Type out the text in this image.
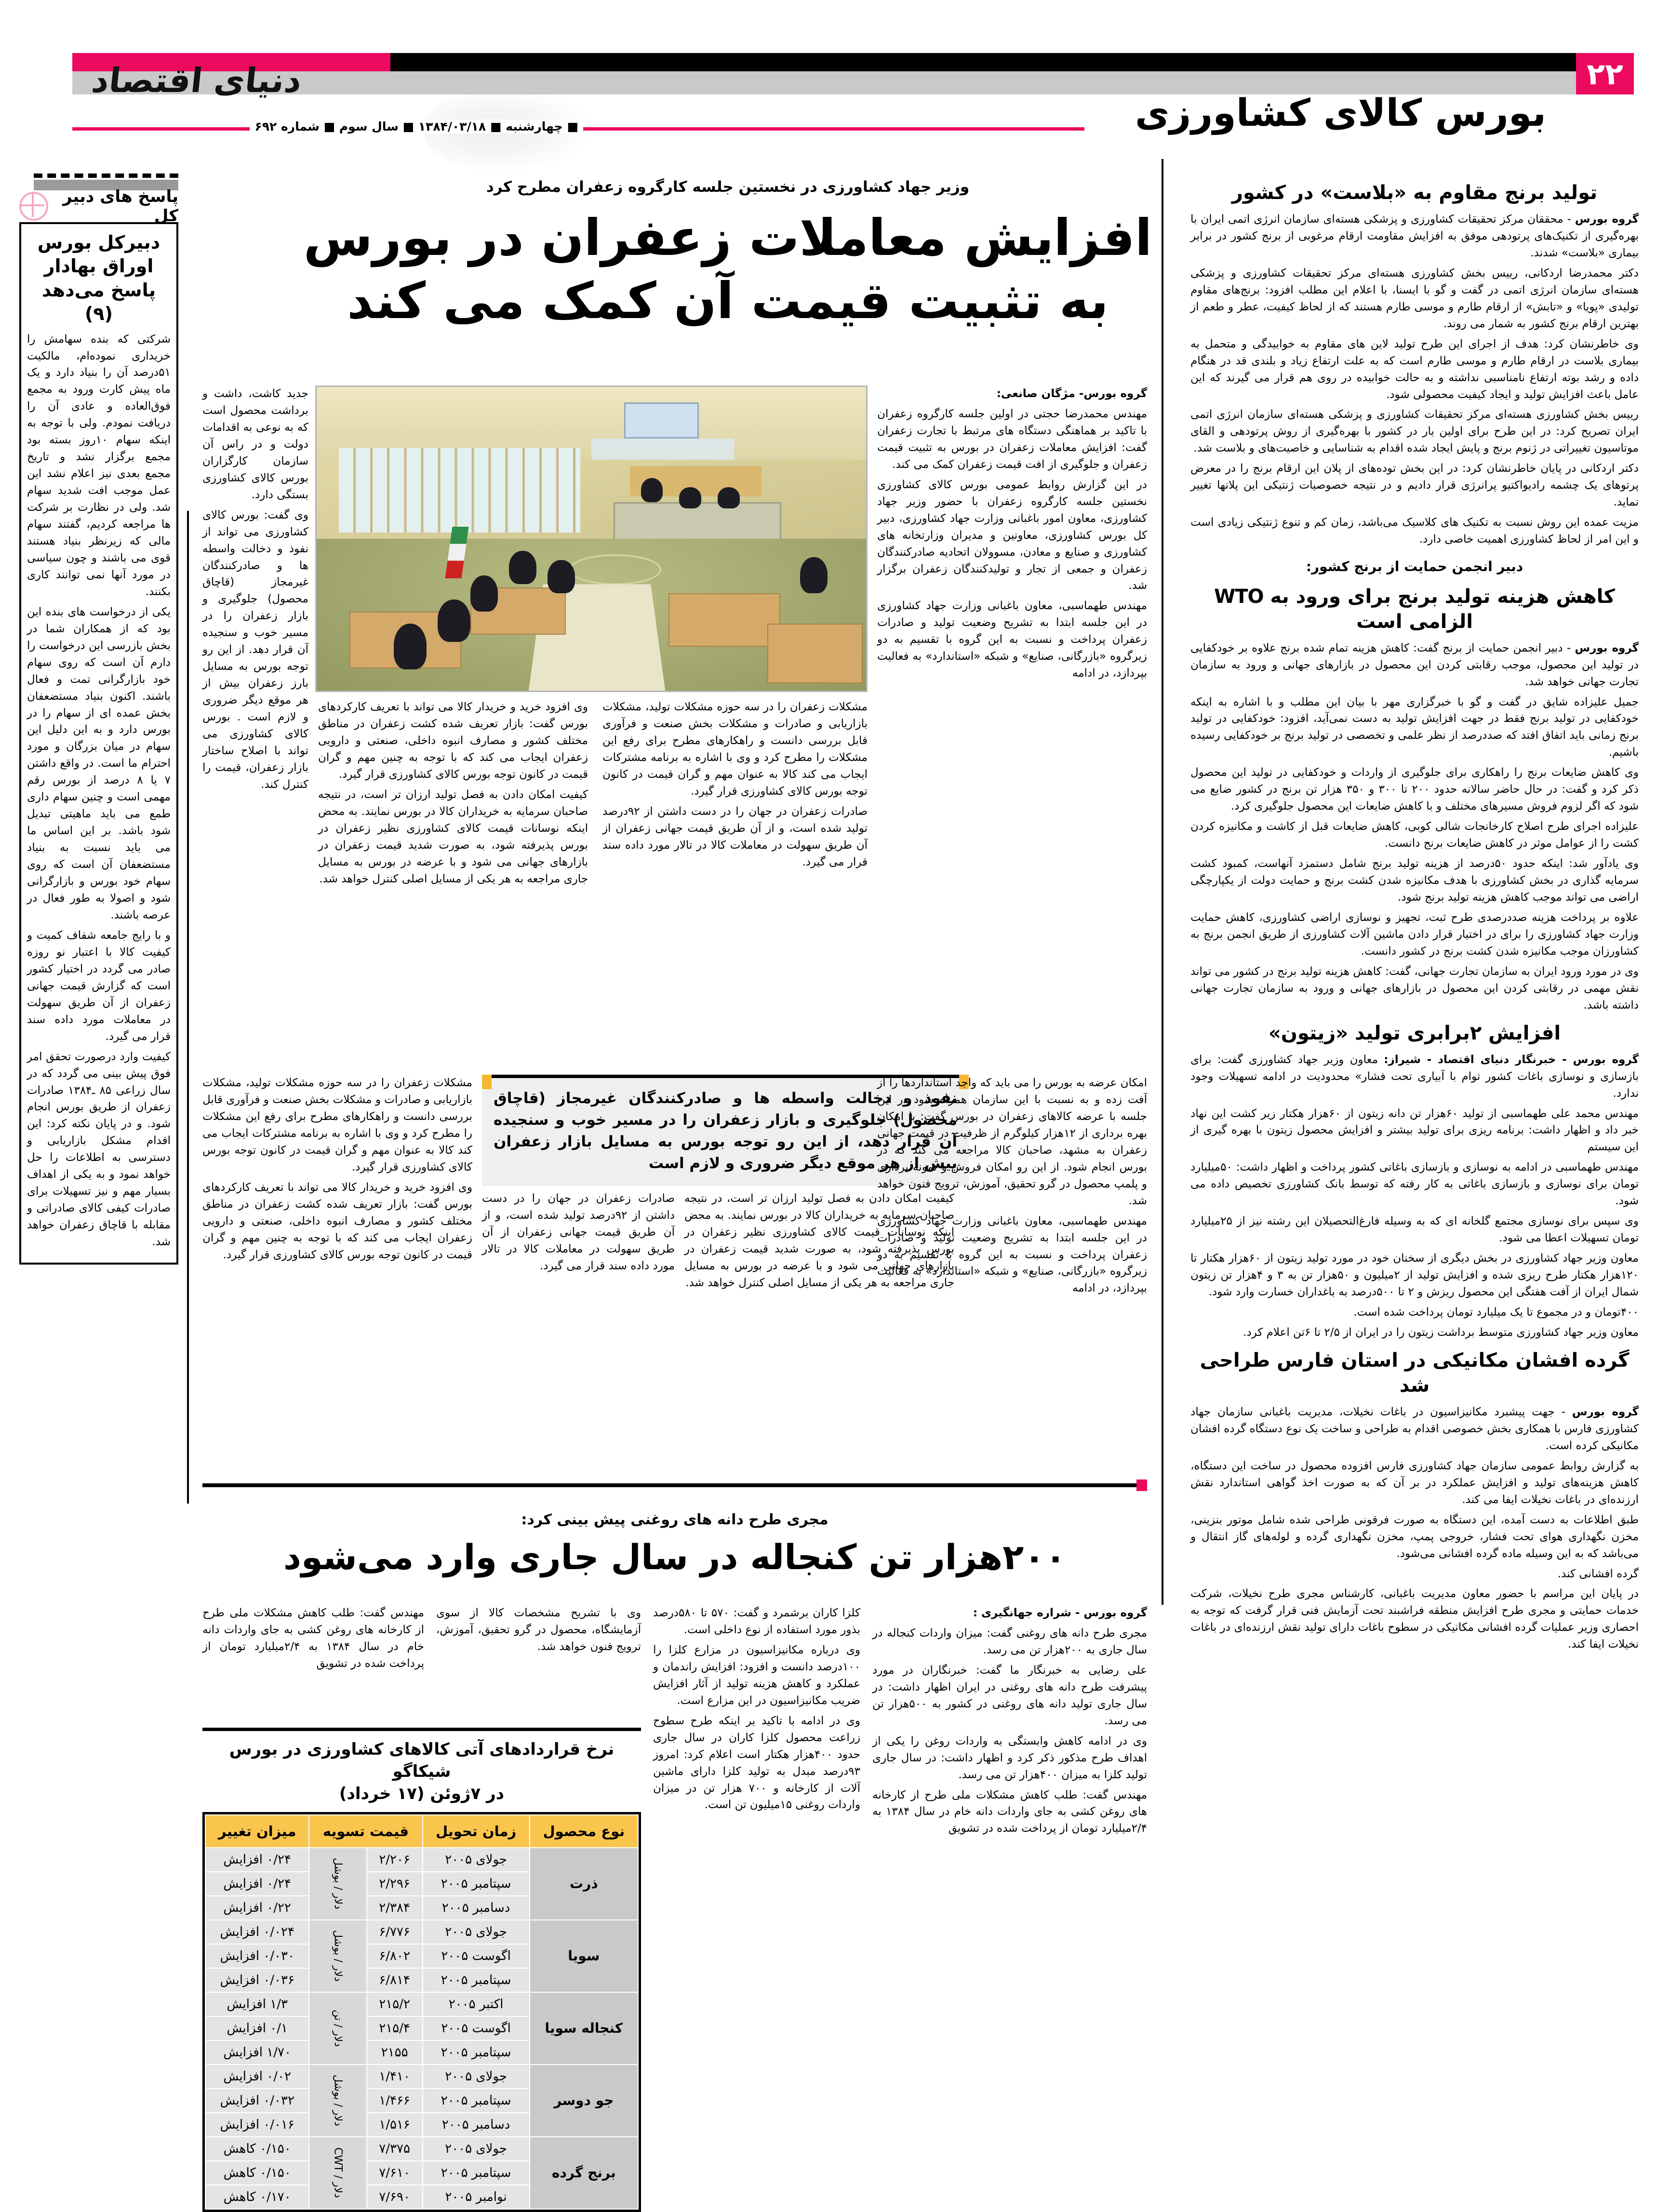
دنیای اقتصاد	۲۲
بورس کالای کشاورزی
■ چهارشنبه ■ ۱۳۸۴/۰۳/۱۸ ■ سال سوم ■ شماره ۶۹۲
پاسخ های دبیر کل
دبیرکل بورس اوراق بهادار پاسخ می‌دهد (۹)

شرکتی که بنده سهامش را خریداری نموده‌ام، مالکیت ۵۱درصد آن را بنیاد دارد و یک ماه پیش کارت ورود به مجمع فوق‌العاده و عادی آن را دریافت نمودم. ولی با توجه به اینکه سهام ۱۰روز بسته بود مجمع برگزار نشد و تاریخ مجمع بعدی نیز اعلام نشد این عمل موجب افت شدید سهام شد. ولی در نظارت بر شرکت ها مراجعه کردیم، گفتند سهام مالی که زیرنظر بنیاد هستند قوی می باشند و چون سیاسی در مورد آنها نمی توانند کاری بکنند.

یکی از درخواست های بنده این بود که از همکاران شما در بخش بازرسی این درخواست را دارم آن است که روی سهام خود بازارگرانی تمت و فعال باشند. اکنون بنیاد مستضعفان بخش عمده ای از سهام را در بورس دارد و به این دلیل این سهام در میان بزرگان و مورد احترام ما است. در واقع داشتن ۷ یا ۸ درصد از بورس رقم مهمی است و چنین سهام داری طمع می باید ماهیتی تبدیل شود باشد. بر این اساس ما می باید نسبت به بنیاد مستضعفان آن است که روی سهام خود بورس و بازارگرانی شود و اصولا به طور فعال در عرصه باشند.

و با رایج جامعه شفاف کمیت و کیفیت کالا با اعتبار نو روزه صادر می گردد در اختیار کشور است که گزارش قیمت جهانی زعفران از آن طریق سهولت در معاملات مورد داده سند قرار می گیرد.

کیفیت وارد درصورت تحقق امر فوق پیش بینی می گردد که در سال زراعی ۸۵ ـ۱۳۸۴ صادرات زعفران از طریق بورس انجام شود. و در پایان نکته کرد: این اقدام مشکل بازاریابی و دسترسی به اطلاعات را حل خواهد نمود و به یکی از اهداف بسیار مهم و نیز تسهیلات برای صادرات کیفی کالای صادراتی و مقابله با قاچاق زعفران خواهد شد.

وزیر جهاد کشاورزی در نخستین جلسه کارگروه زعفران مطرح کرد
افزایش معاملات زعفران در بورس به تثبیت قیمت آن کمک می کند

گروه بورس- مژگان صانعی:

مهندس محمدرضا حجتی در اولین جلسه کارگروه زعفران با تاکید بر هماهنگی دستگاه های مرتبط با تجارت زعفران گفت: افزایش معاملات زعفران در بورس به تثبیت قیمت زعفران و جلوگیری از افت قیمت زعفران کمک می کند.

در این گزارش روابط عمومی بورس کالای کشاورزی نخستین جلسه کارگروه زعفران با حضور وزیر جهاد کشاورزی، معاون امور باغبانی وزارت جهاد کشاورزی، دبیر کل بورس کشاورزی، معاونین و مدیران وزارتخانه های کشاورزی و صنایع و معادن، مسوولان اتحادیه صادرکنندگان زعفران و جمعی از تجار و تولیدکنندگان زعفران برگزار شد.

مهندس طهماسبی، معاون باغبانی وزارت جهاد کشاورزی در این جلسه ابتدا به تشریح وضعیت تولید و صادرات زعفران پرداخت و نسبت به این گروه با تقسیم به دو زیرگروه «بازرگانی، صنایع» و شبکه «استاندارد» به فعالیت بپردازد، در ادامه

مشکلات زعفران را در سه حوزه مشکلات تولید، مشکلات بازاریابی و صادرات و مشکلات بخش صنعت و فرآوری قابل بررسی دانست و راهکارهای مطرح برای رفع این مشکلات را مطرح کرد و وی با اشاره به برنامه مشترکات ایجاب می کند کالا به عنوان مهم و گران قیمت در کانون توجه بورس کالای کشاورزی قرار گیرد.

صادرات زعفران در جهان را در دست داشتن از ۹۲درصد تولید شده است، و از آن طریق قیمت جهانی زعفران از آن طریق سهولت در معاملات کالا در تالار مورد داده سند قرار می گیرد.

جدید کاشت، داشت و برداشت محصول است که به نوعی به اقدامات دولت و در راس آن سازمان کارگزاران بورس کالای کشاورزی بستگی دارد.

وی گفت: بورس کالای کشاورزی می تواند از نفوذ و دخالت واسطه ها و صادرکنندگان غیرمجاز (قاچاق محصول) جلوگیری و بازار زعفران را در مسیر خوب و سنجیده آن قرار دهد. از این رو توجه بورس به مسایل بارز زعفران بیش از هر موقع دیگر ضروری و لازم است . بورس کالای کشاورزی می تواند با اصلاح ساختار بازار زعفران، قیمت را کنترل کند.

وی افزود خرید و خریدار کالا می تواند با تعریف کارکردهای بورس گفت: بازار تعریف شده کشت زعفران در مناطق مختلف کشور و مصارف انبوه داخلی، صنعتی و دارویی زعفران ایجاب می کند که با توجه به چنین مهم و گران قیمت در کانون توجه بورس کالای کشاورزی قرار گیرد.

کیفیت امکان دادن به فصل تولید ارزان تر است، در نتیجه صاحبان سرمایه به خریداران کالا در بورس نمایند. به محض اینکه نوسانات قیمت کالای کشاورزی نظیر زعفران در بورس پذیرفته شود، به صورت شدید قیمت زعفران در بازارهای جهانی می شود و با عرضه در بورس به مسایل جاری مراجعه به هر یکی از مسایل اصلی کنترل خواهد شد.

نفوذ و دخالت واسطه ها و صادرکنندگان غیرمجاز (قاچاق محصول) جلوگیری و بازار زعفران را در مسیر خوب و سنجیده آن قرار دهد، از این رو توجه بورس به مسایل بازار زعفران بیش از هر موقع دیگر ضروری و لازم است

امکان عرضه به بورس را می باید که واجد استانداردها را از آفت زده و به نسبت با این سازمان همراه شود در این جلسه با عرضه کالاهای زعفران در بورس گفت: با امکان بهره برداری از ۱۲هزار کیلوگرم از ظرفیت در قیمت جهانی زعفران به مشهد، صاحبان کالا مراجعه می کند که در بورس انجام شود. از این رو امکان فروش و نمونه برداری و پلمپ محصول در گرو تحقیق، آموزش، ترویج فنون خواهد شد.

مهندس طهماسبی، معاون باغبانی وزارت جهاد کشاورزی در این جلسه ابتدا به تشریح وضعیت تولید و صادرات زعفران پرداخت و نسبت به این گروه با تقسیم به دو زیرگروه «بازرگانی، صنایع» و شبکه «استاندارد» به فعالیت بپردازد، در ادامه

کیفیت امکان دادن به فصل تولید ارزان تر است، در نتیجه صاحبان سرمایه به خریداران کالا در بورس نمایند. به محض اینکه نوسانات قیمت کالای کشاورزی نظیر زعفران در بورس پذیرفته شود، به صورت شدید قیمت زعفران در بازارهای جهانی می شود و با عرضه در بورس به مسایل جاری مراجعه به هر یکی از مسایل اصلی کنترل خواهد شد.

صادرات زعفران در جهان را در دست داشتن از ۹۲درصد تولید شده است، و از آن طریق قیمت جهانی زعفران از آن طریق سهولت در معاملات کالا در تالار مورد داده سند قرار می گیرد.

مشکلات زعفران را در سه حوزه مشکلات تولید، مشکلات بازاریابی و صادرات و مشکلات بخش صنعت و فرآوری قابل بررسی دانست و راهکارهای مطرح برای رفع این مشکلات را مطرح کرد و وی با اشاره به برنامه مشترکات ایجاب می کند کالا به عنوان مهم و گران قیمت در کانون توجه بورس کالای کشاورزی قرار گیرد.

وی افزود خرید و خریدار کالا می تواند با تعریف کارکردهای بورس گفت: بازار تعریف شده کشت زعفران در مناطق مختلف کشور و مصارف انبوه داخلی، صنعتی و دارویی زعفران ایجاب می کند که با توجه به چنین مهم و گران قیمت در کانون توجه بورس کالای کشاورزی قرار گیرد.

مجری طرح دانه های روغنی پیش بینی کرد:
۲۰۰هزار تن کنجاله در سال جاری وارد می‌شود

گروه بورس - شراره جهانگیری :

مجری طرح دانه های روغنی گفت: میزان واردات کنجاله در سال جاری به ۲۰۰هزار تن می رسد.

علی رضایی به خبرنگار ما گفت: خبرنگاران در مورد پیشرفت طرح دانه های روغنی در ایران اظهار داشت: در سال جاری تولید دانه های روغنی در کشور به ۵۰۰هزار تن می رسد.

وی در ادامه کاهش وابستگی به واردات روغن را یکی از اهداف طرح مذکور ذکر کرد و اظهار داشت: در سال جاری تولید کلزا به میزان ۴۰۰هزار تن می رسد.

مهندس گفت: طلب کاهش مشکلات ملی طرح از کارخانه های روغن کشی به جای واردات دانه خام در سال ۱۳۸۴ به ۲/۴میلیارد تومان از پرداخت شده در تشویق

کلزا کاران برشمرد و گفت: ۵۷۰ تا ۵۸۰درصد بذور مورد استفاده از نوع داخلی است.

وی درباره مکانیزاسیون در مزارع کلزا را ۱۰۰درصد دانست و افزود: افزایش راندمان و عملکرد و کاهش هزینه تولید از آثار افزایش ضریب مکانیزاسیون در این مزارع است.

وی در ادامه با تاکید بر اینکه طرح سطوح زراعت محصول کلزا کاران در سال جاری حدود ۴۰۰هزار هکتار است اعلام کرد: امروز ۹۳درصد مبدل به تولید کلزا دارای ماشین آلات از کارخانه و ۷۰۰ هزار تن در میزان واردات روغنی ۱۵میلیون تن است.

وی با تشریح مشخصات کالا از سوی آزمایشگاه، محصول در گرو تحقیق، آموزش، ترویج فنون خواهد شد.

مهندس گفت: طلب کاهش مشکلات ملی طرح از کارخانه های روغن کشی به جای واردات دانه خام در سال ۱۳۸۴ به ۲/۴میلیارد تومان از پرداخت شده در تشویق

نرخ قراردادهای آتی کالاهای کشاورزی در بورس شیکاگو
در ۷ژوئن (۱۷ خرداد)
نوع محصول	زمان تحویل	قیمت تسویه		میزان تغییر
ذرت	جولای ۲۰۰۵	۲/۲۰۶	دلار / بوشل	۰/۲۴ افزایش
	سپتامبر ۲۰۰۵	۲/۲۹۶		۰/۲۴ افزایش
	دسامبر ۲۰۰۵	۲/۳۸۴		۰/۲۲ افزایش
سویا	جولای ۲۰۰۵	۶/۷۷۶	دلار / بوشل	۰/۰۲۴ افزایش
	اگوست ۲۰۰۵	۶/۸۰۲		۰/۰۳۰ افزایش
	سپتامبر ۲۰۰۵	۶/۸۱۴		۰/۰۳۶ افزایش
کنجاله سویا	اکتبر ۲۰۰۵	۲۱۵/۲	دلار / تن	۱/۳ افزایش
	اگوست ۲۰۰۵	۲۱۵/۴		۰/۱ افزایش
	سپتامبر ۲۰۰۵	۲۱۵۵		۱/۷۰ افزایش
جو دوسر	جولای ۲۰۰۵	۱/۴۱۰	دلار / بوشل	۰/۰۲ افزایش
	سپتامبر ۲۰۰۵	۱/۴۶۶		۰/۰۳۲ افزایش
	دسامبر ۲۰۰۵	۱/۵۱۶		۰/۰۱۶ افزایش
برنج گرده	جولای ۲۰۰۵	۷/۳۷۵	دلار / CWT	۰/۱۵۰ کاهش
	سپتامبر ۲۰۰۵	۷/۶۱۰		۰/۱۵۰ کاهش
	نوامبر ۲۰۰۵	۷/۶۹۰		۰/۱۷۰ کاهش
تولید برنج مقاوم به «بلاست» در کشور

گروه بورس - محققان مرکز تحقیقات کشاورزی و پزشکی هسته‌ای سازمان انرژی اتمی ایران با بهره‌گیری از تکنیک‌های پرتودهی موفق به افزایش مقاومت ارقام مرغوبی از برنج کشور در برابر بیماری «بلاست» شدند.

دکتر محمدرضا اردکانی، رییس بخش کشاورزی هسته‌ای مرکز تحقیقات کشاورزی و پزشکی هسته‌ای سازمان انرژی اتمی در گفت و گو با ایسنا، با اعلام این مطلب افزود: برنج‌های مقاوم تولیدی «پویا» و «تابش» از ارقام طارم و موسی طارم هستند که از لحاظ کیفیت، عطر و طعم از بهترین ارقام برنج کشور به شمار می روند.

وی خاطرنشان کرد: هدف از اجرای این طرح تولید لاین های مقاوم به خوابیدگی و متحمل به بیماری بلاست در ارقام طارم و موسی طارم است که به علت ارتفاع زیاد و بلندی قد در هنگام داده و رشد بوته ارتفاع نامناسبی نداشته و به حالت خوابیده در روی هم قرار می گیرند که این عامل باعث افزایش تولید و ایجاد کیفیت محصولی شود.

رییس بخش کشاورزی هسته‌ای مرکز تحقیقات کشاورزی و پزشکی هسته‌ای سازمان انرژی اتمی ایران تصریح کرد: در این طرح برای اولین بار در کشور با بهره‌گیری از روش پرتودهی و القای موتاسیون تغییراتی در ژنوم برنج و پایش ایجاد شده اقدام به شناسایی و خاصیت‌های و بلاست شد.

دکتر اردکانی در پایان خاطرنشان کرد: در این بخش توده‌های از پلان این ارقام برنج را در معرض پرتوهای یک چشمه رادیواکتیو پرانرژی قرار دادیم و در نتیجه خصوصیات ژنتیکی این پلانها تغییر نماید.

مزیت عمده این روش نسبت به تکنیک های کلاسیک می‌باشد، زمان کم و تنوع ژنتیکی زیادی است و این امر از لحاظ کشاورزی اهمیت خاصی دارد.

دبیر انجمن حمایت از برنج کشور:
کاهش هزینه تولید برنج برای ورود به WTO الزامی است

گروه بورس - دبیر انجمن حمایت از برنج گفت: کاهش هزینه تمام شده برنج علاوه بر خودکفایی در تولید این محصول، موجب رقابتی کردن این محصول در بازارهای جهانی و ورود به سازمان تجارت جهانی خواهد شد.

جمیل علیزاده شایق در گفت و گو با خبرگزاری مهر با بیان این مطلب و با اشاره به اینکه خودکفایی در تولید برنج فقط در جهت افزایش تولید به دست نمی‌آید، افزود: خودکفایی در تولید برنج زمانی باید اتفاق افتد که صددرصد از نظر علمی و تخصصی در تولید برنج بر خودکفایی رسیده باشیم.

وی کاهش ضایعات برنج را راهکاری برای جلوگیری از واردات و خودکفایی در تولید این محصول ذکر کرد و گفت: در حال حاضر سالانه حدود ۲۰۰ تا ۳۰۰ و ۳۵۰ هزار تن برنج در کشور ضایع می شود که اگر لزوم فروش مسیرهای مختلف و با کاهش ضایعات این محصول جلوگیری کرد.

علیزاده اجرای طرح اصلاح کارخانجات شالی کوبی، کاهش ضایعات قبل از کاشت و مکانیزه کردن کشت را از عوامل موثر در کاهش ضایعات برنج دانست.

وی یادآور شد: اینکه حدود ۵۰درصد از هزینه تولید برنج شامل دستمزد آنهاست، کمبود کشت سرمایه گذاری در بخش کشاورزی با هدف مکانیزه شدن کشت برنج و حمایت دولت از یکپارچگی اراضی می تواند موجب کاهش هزینه تولید برنج شود.

علاوه بر پرداخت هزینه صددرصدی طرح ثبت، تجهیز و نوسازی اراضی کشاورزی، کاهش حمایت وزارت جهاد کشاورزی را برای در اختیار قرار دادن ماشین آلات کشاورزی از طریق انجمن برنج به کشاورزان موجب مکانیزه شدن کشت برنج در کشور دانست.

وی در مورد ورود ایران به سازمان تجارت جهانی، گفت: کاهش هزینه تولید برنج در کشور می تواند نقش مهمی در رقابتی کردن این محصول در بازارهای جهانی و ورود به سازمان تجارت جهانی داشته باشد.

افزایش ۲برابری تولید «زیتون»

گروه بورس - خبرنگار دنیای اقتصاد - شیراز: معاون وزیر جهاد کشاورزی گفت: برای بازسازی و نوسازی باغات کشور توام با آبیاری تحت فشار» محدودیت در ادامه تسهیلات وجود ندارد.

مهندس محمد علی طهماسبی از تولید ۶۰هزار تن دانه زیتون از ۶۰هزار هکتار زیر کشت این نهاد خبر داد و اظهار داشت: برنامه ریزی برای تولید بیشتر و افزایش محصول زیتون با بهره گیری از این سیستم

مهندس طهماسبی در ادامه به نوسازی و بازسازی باغاتی کشور پرداخت و اظهار داشت: ۵۰میلیارد تومان برای نوسازی و بازسازی باغاتی به کار رفته که توسط بانک کشاورزی تخصیص داده می شود.

وی سپس برای نوسازی مجتمع گلخانه ای که به وسیله فارغ‌التحصیلان این رشته نیز از ۲۵میلیارد تومان تسهیلات اعطا می شود.

معاون وزیر جهاد کشاورزی در بخش دیگری از سخنان خود در مورد تولید زیتون از ۶۰هزار هکتار تا ۱۲۰هزار هکتار طرح ریزی شده و افزایش تولید از ۲میلیون و ۵۰هزار تن به ۳ و ۴هزار تن زیتون شمال ایران از آفت هفتگی این محصول ریزش و ۲ تا ۵۰۰درصد به باغداران خسارت وارد شود.

۴۰۰تومان و در مجموع تا یک میلیارد تومان پرداخت شده است.

معاون وزیر جهاد کشاورزی متوسط برداشت زیتون را در ایران از ۲/۵ تا ۶تن اعلام کرد.

گرده افشان مکانیکی در استان فارس طراحی شد

گروه بورس - جهت پیشبرد مکانیزاسیون در باغات نخیلات، مدیریت باغبانی سازمان جهاد کشاورزی فارس با همکاری بخش خصوصی اقدام به طراحی و ساخت یک نوع دستگاه گرده افشان مکانیکی کرده است.

به گزارش روابط عمومی سازمان جهاد کشاورزی فارس افزوده محصول در ساخت این دستگاه، کاهش هزینه‌های تولید و افزایش عملکرد در بر آن که به صورت اخذ گواهی استاندارد نقش ارزنده‌ای در باغات نخیلات ایفا می کند.

طبق اطلاعات به دست آمده، این دستگاه به صورت فرقونی طراحی شده شامل موتور بنزینی، مخزن نگهداری هوای تحت فشار، خروجی پمپ، مخزن نگهداری گرده و لوله‌های گاز انتقال و می‌باشد که به این وسیله ماده گرده افشانی می‌شود.

گرده افشانی کند.

در پایان این مراسم با حضور معاون مدیریت باغبانی، کارشناس مجری طرح نخیلات، شرکت خدمات حمایتی و مجری طرح افزایش منطقه فراشبند تحت آزمایش فنی قرار گرفت که توجه به احصاری وزیر عملیات گرده افشانی مکانیکی در سطوح باغات دارای تولید نقش ارزنده‌ای در باغات نخیلات ایفا کند.
